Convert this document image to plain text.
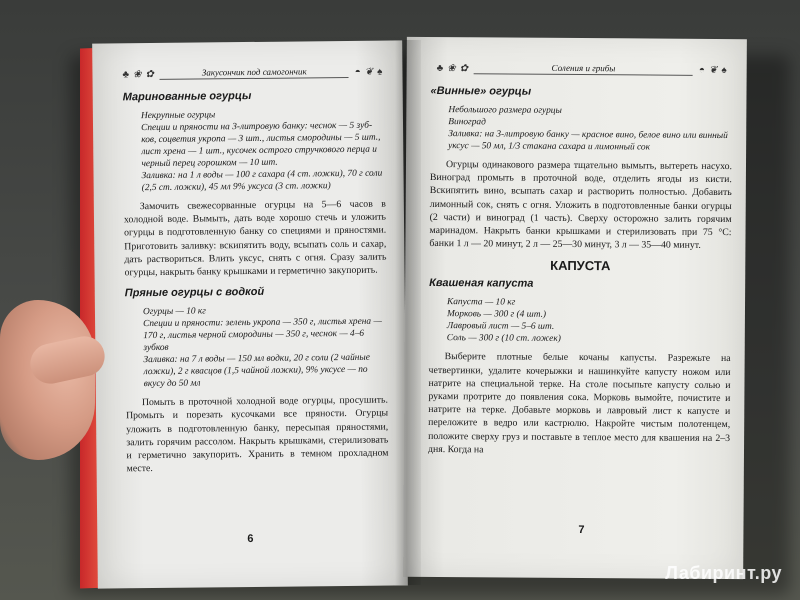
♣ ❀ ✿	Закусончик под самогончик	◓ ❦ ♠
Маринованные огурцы

Некрупные огурцы

Специи и пряности на 3-литровую банку: чеснок — 5 зуб-ков, соцветия укропа — 3 шт., листья смородины — 5 шт., лист хрена — 1 шт., кусочек острого стручкового перца и черный перец горошком — 10 шт.

Заливка: на 1 л воды — 100 г сахара (4 ст. ложки), 70 г соли (2,5 ст. ложки), 45 мл 9% уксуса (3 ст. ложки)

Замочить свежесорванные огурцы на 5—6 часов в холодной воде. Вымыть, дать воде хорошо стечь и уложить огурцы в подготовленную банку со специями и пряностями. Приготовить заливку: вскипятить воду, всыпать соль и сахар, дать раствориться. Влить уксус, снять с огня. Сразу залить огурцы, накрыть банку крышками и герметично закупорить.

Пряные огурцы с водкой

Огурцы — 10 кг

Специи и пряности: зелень укропа — 350 г, листья хрена — 170 г, листья черной смородины — 350 г, чеснок — 4–6 зубков

Заливка: на 7 л воды — 150 мл водки, 20 г соли (2 чайные ложки), 2 г квасцов (1,5 чайной ложки), 9% уксусе — по вкусу до 50 мл

Помыть в проточной холодной воде огурцы, просушить. Промыть и порезать кусочками все пряности. Огурцы уложить в подготовленную банку, пересыпая пряностями, залить горячим рассолом. Накрыть крышками, стерилизовать и герметично закупорить. Хранить в темном прохладном месте.

6
♣ ❀ ✿	Соления и грибы	◓ ❦ ♠
«Винные» огурцы

Небольшого размера огурцы

Виноград

Заливка: на 3-литровую банку — красное вино, белое вино или винный уксус — 50 мл, 1/3 стакана сахара и лимонный сок

Огурцы одинакового размера тщательно вымыть, вытереть насухо. Виноград промыть в проточной воде, отделить ягоды из кисти. Вскипятить вино, всыпать сахар и растворить полностью. Добавить лимонный сок, снять с огня. Уложить в подготовленные банки огурцы (2 части) и виноград (1 часть). Сверху осторожно залить горячим маринадом. Накрыть банки крышками и стерилизовать при 75 °С: банки 1 л — 20 минут, 2 л — 25—30 минут, 3 л — 35—40 минут.

КАПУСТА
Квашеная капуста

Капуста — 10 кг

Морковь — 300 г (4 шт.)

Лавровый лист — 5–6 шт.

Соль — 300 г (10 ст. ложек)

Выберите плотные белые кочаны капусты. Разрежьте на четвертинки, удалите кочерыжки и нашинкуйте капусту ножом или натрите на специальной терке. На столе посыпьте капусту солью и руками протрите до появления сока. Морковь вымойте, почистите и натрите на терке. Добавьте морковь и лавровый лист к капусте и переложите в ведро или кастрюлю. Накройте чистым полотенцем, положите сверху груз и поставьте в теплое место для квашения на 2–3 дня. Когда на

7
Лабиринт.ру
